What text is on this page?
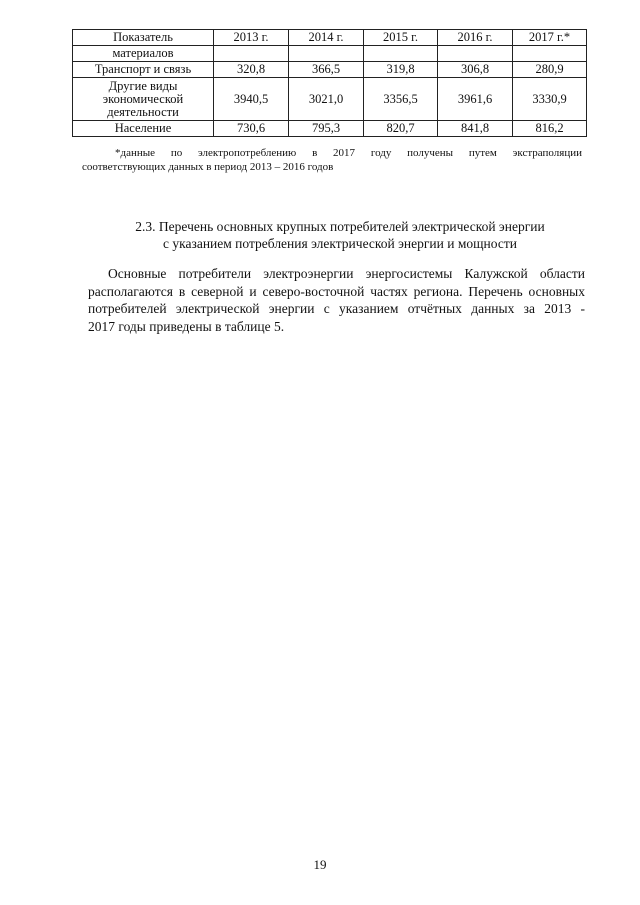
Показатель	2013 г.	2014 г.	2015 г.	2016 г.	2017 г.*
материалов					
Транспорт и связь	320,8	366,5	319,8	306,8	280,9

Другие виды
экономической
деятельности	3940,5	3021,0	3356,5	3961,6	3330,9
Население	730,6	795,3	820,7	841,8	816,2
*данные по электропотреблению в 2017 году получены путем экстраполяции
соответствующих данных в период 2013 – 2016 годов
2.3. Перечень основных крупных потребителей электрической энергии
с указанием потребления электрической энергии и мощности
Основные потребители электроэнергии энергосистемы Калужской области
располагаются в северной и северо-восточной частях региона. Перечень основных
потребителей электрической энергии с указанием отчётных данных за 2013 -
2017 годы приведены в таблице 5.
19
